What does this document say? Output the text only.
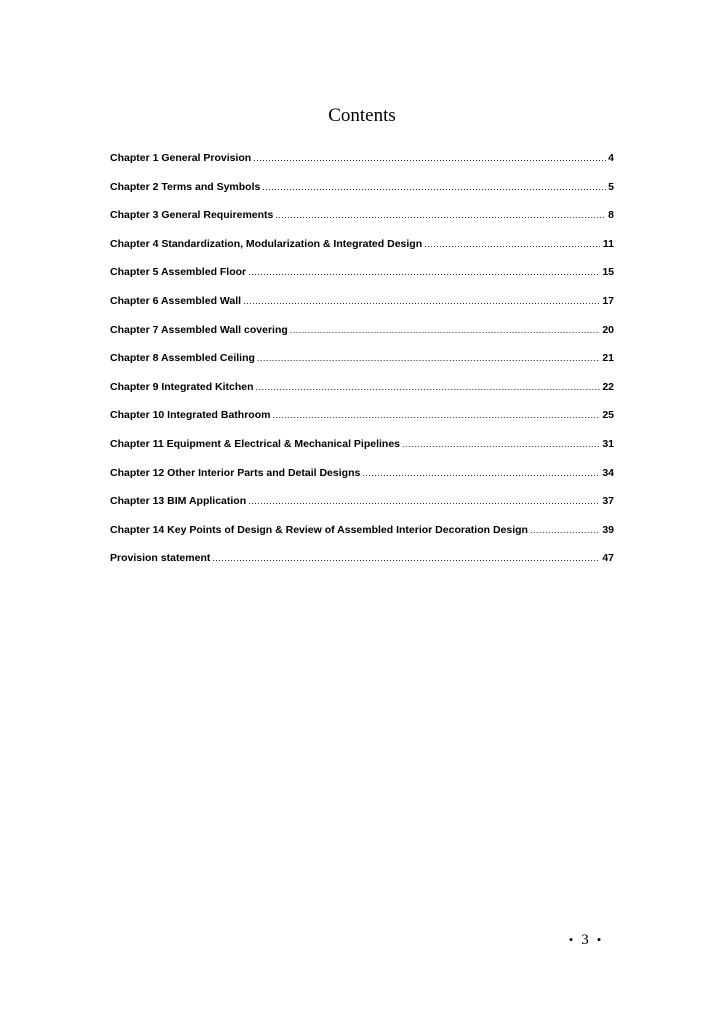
Contents
Chapter 1 General Provision .....	4
Chapter 2 Terms and Symbols .....	5
Chapter 3 General Requirements .....	8
Chapter 4 Standardization, Modularization & Integrated Design .....	11
Chapter 5 Assembled Floor .....	15
Chapter 6 Assembled Wall .....	17
Chapter 7 Assembled Wall covering .....	20
Chapter 8 Assembled Ceiling .....	21
Chapter 9 Integrated Kitchen .....	22
Chapter 10 Integrated Bathroom .....	25
Chapter 11 Equipment & Electrical & Mechanical Pipelines .....	31
Chapter 12 Other Interior Parts and Detail Designs .....	34
Chapter 13 BIM Application .....	37
Chapter 14 Key Points of Design & Review of Assembled Interior Decoration Design .....	39
Provision statement .....	47
• 3 •
